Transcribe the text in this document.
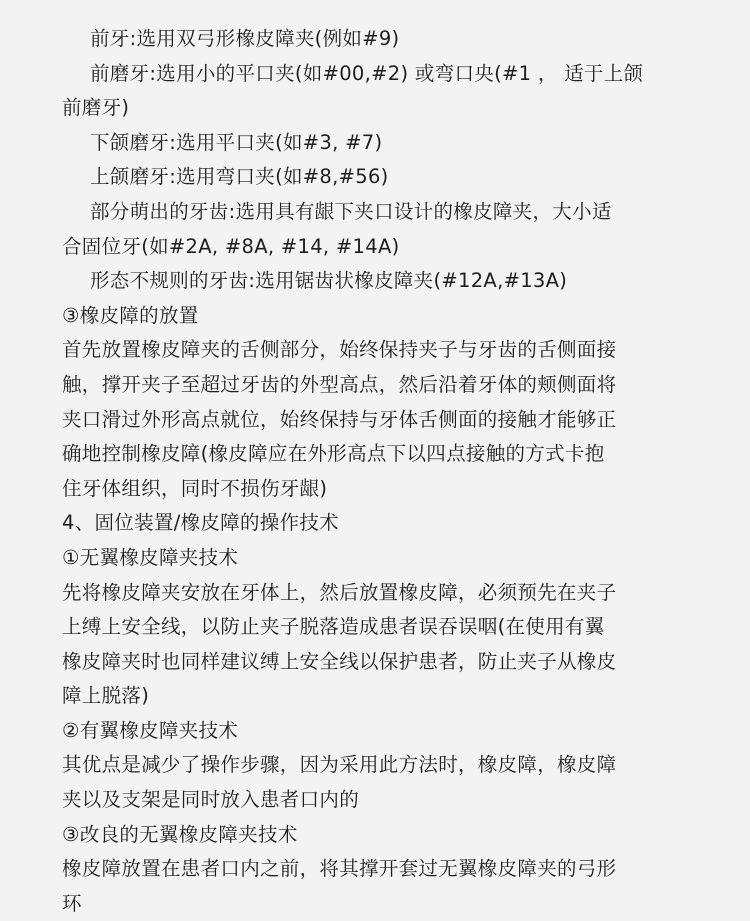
前牙:选用双弓形橡皮障夹(例如#9)
前磨牙:选用小的平口夹(如#00,#2) 或弯口央(#1 ， 适于上颌
前磨牙)
下颌磨牙:选用平口夹(如#3, #7)
上颌磨牙:选用弯口夹(如#8,#56)
部分萌出的牙齿:选用具有龈下夹口设计的橡皮障夹，大小适
合固位牙(如#2A, #8A, #14, #14A)
形态不规则的牙齿:选用锯齿状橡皮障夹(#12A,#13A)
③橡皮障的放置
首先放置橡皮障夹的舌侧部分，始终保持夹子与牙齿的舌侧面接
触，撑开夹子至超过牙齿的外型高点，然后沿着牙体的颊侧面将
夹口滑过外形高点就位，始终保持与牙体舌侧面的接触才能够正
确地控制橡皮障(橡皮障应在外形高点下以四点接触的方式卡抱
住牙体组织，同时不损伤牙龈)
4、固位装置/橡皮障的操作技术
①无翼橡皮障夹技术
先将橡皮障夹安放在牙体上，然后放置橡皮障，必须预先在夹子
上缚上安全线，以防止夹子脱落造成患者误吞误咽(在使用有翼
橡皮障夹时也同样建议缚上安全线以保护患者，防止夹子从橡皮
障上脱落)
②有翼橡皮障夹技术
其优点是减少了操作步骤，因为采用此方法时，橡皮障，橡皮障
夹以及支架是同时放入患者口内的
③改良的无翼橡皮障夹技术
橡皮障放置在患者口内之前，将其撑开套过无翼橡皮障夹的弓形
环
